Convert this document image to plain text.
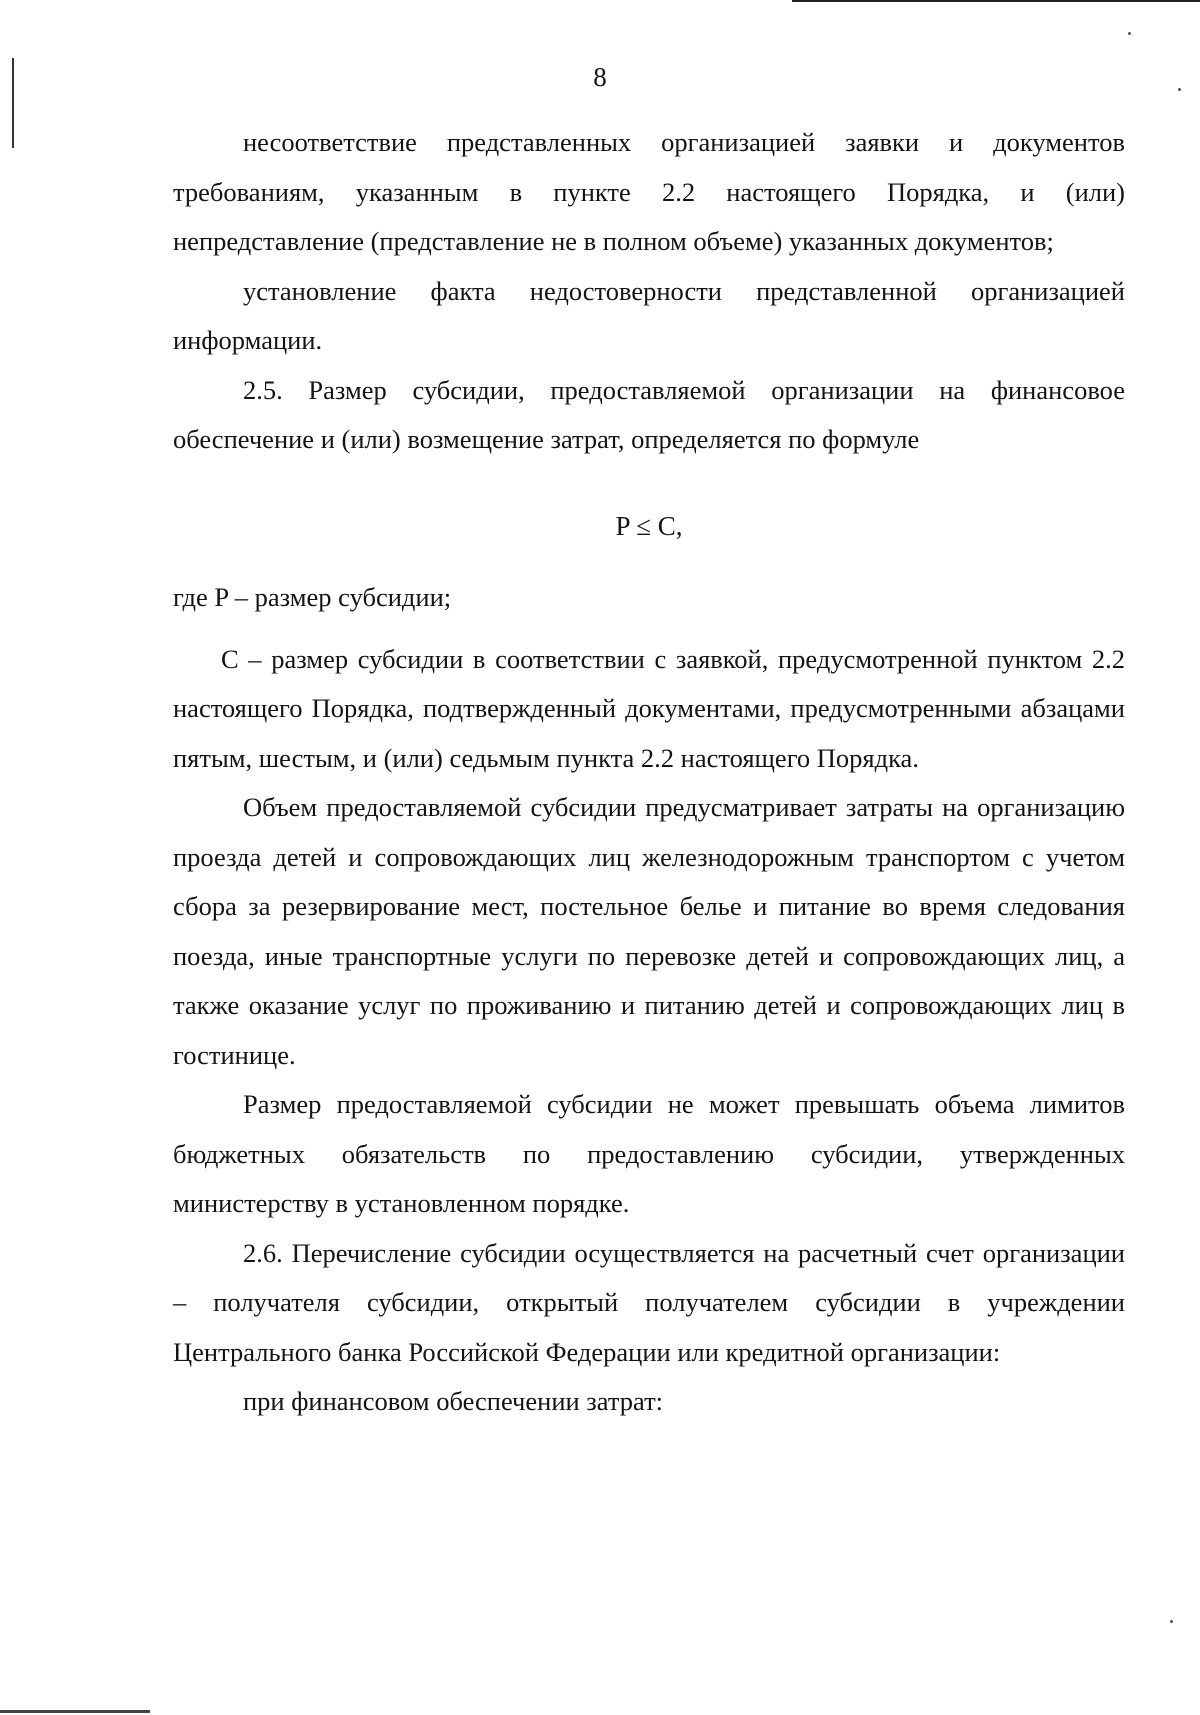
8

несоответствие представленных организацией заявки и документов требованиям, указанным в пункте 2.2 настоящего Порядка, и (или) непредставление (представление не в полном объеме) указанных документов;

установление факта недостоверности представленной организацией информации.

2.5. Размер субсидии, предоставляемой организации на финансовое обеспечение и (или) возмещение затрат, определяется по формуле

P ≤ C,

где P – размер субсидии;

C – размер субсидии в соответствии с заявкой, предусмотренной пунктом 2.2 настоящего Порядка, подтвержденный документами, предусмотренными абзацами пятым, шестым, и (или) седьмым пункта 2.2 настоящего Порядка.

Объем предоставляемой субсидии предусматривает затраты на организацию проезда детей и сопровождающих лиц железнодорожным транспортом с учетом сбора за резервирование мест, постельное белье и питание во время следования поезда, иные транспортные услуги по перевозке детей и сопровождающих лиц, а также оказание услуг по проживанию и питанию детей и сопровождающих лиц в гостинице.

Размер предоставляемой субсидии не может превышать объема лимитов бюджетных обязательств по предоставлению субсидии, утвержденных министерству в установленном порядке.

2.6. Перечисление субсидии осуществляется на расчетный счет организации – получателя субсидии, открытый получателем субсидии в учреждении Центрального банка Российской Федерации или кредитной организации:

при финансовом обеспечении затрат:
